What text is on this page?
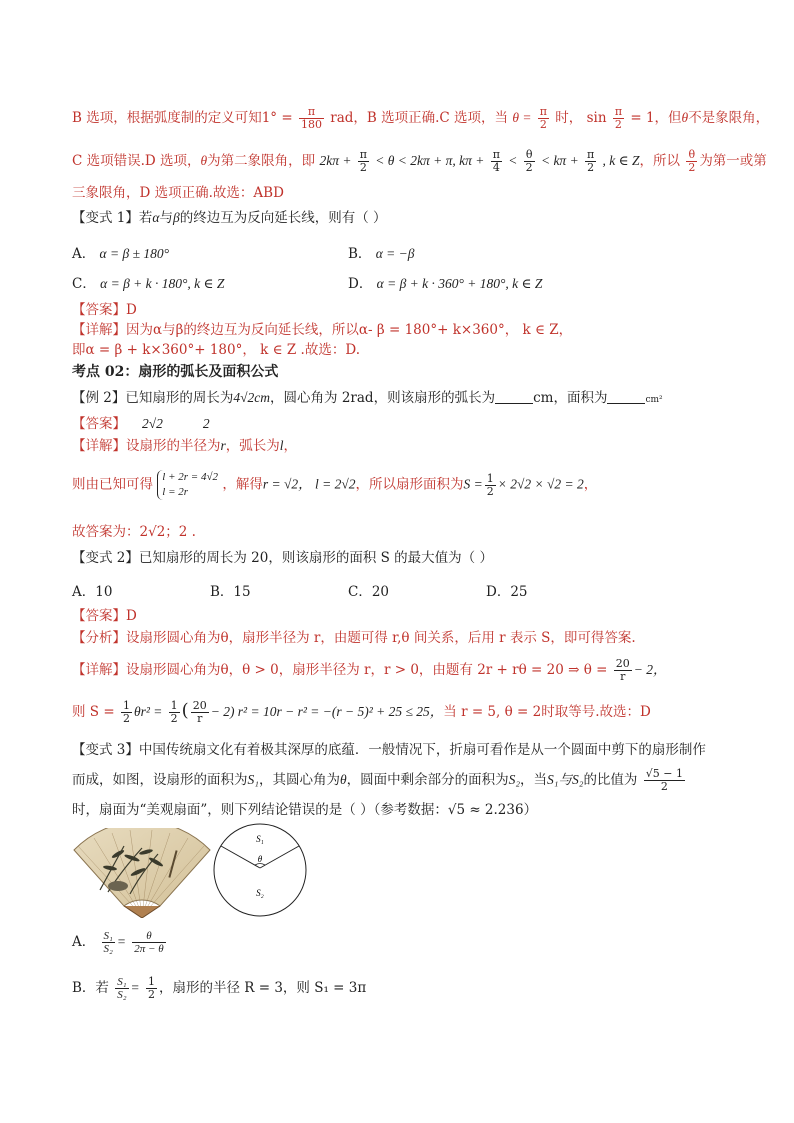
B 选项，根据弧度制的定义可知$1^\circ = \frac{\pi}{180}$ rad，B 选项正确.C 选项，当 $\theta = \frac{\pi}{2}$ 时， $\sin \frac{\pi}{2} = 1$，但θ不是象限角，
C 选项错误.D 选项，θ为第二象限角，即 $2k\pi + \frac{\pi}{2} < \theta < 2k\pi + \pi$, $k\pi + \frac{\pi}{4} < \frac{\theta}{2} < k\pi + \frac{\pi}{2}$ , k ∈ Z，所以 $\frac{\theta}{2}$ 为第一或第
三象限角，D 选项正确.故选：ABD
【变式 1】若α与β的终边互为反向延长线，则有（ ）
A． α = β ± 180°	B． α = −β
C． α = β + k · 180°, k ∈ Z	D． α = β + k · 360° + 180°, k ∈ Z
【答案】D
【详解】因为α与β的终边互为反向延长线，所以α- β = 180°+ k×360°， k ∈ Z，
即α = β + k×360°+ 180°， k ∈ Z .故选：D.
考点 02：扇形的弧长及面积公式
【例 2】已知扇形的周长为4√2cm，圆心角为 2rad，则该扇形的弧长为	cm，面积为	cm²
【答案】 2√2	2
【详解】设扇形的半径为r，弧长为l，
则由已知可得 l + 2r = 4√2
l = 2r	，解得r = √2， l = 2√2，所以扇形面积为$S = \frac{1}{2} \times 2√2 \times √2 = 2$，
故答案为：2√2；2 .
【变式 2】已知扇形的周长为 20，则该扇形的面积 S 的最大值为（ ）
A．10	B．15	C．20	D．25
【答案】D
【分析】设扇形圆心角为θ，扇形半径为 r，由题可得 r,θ 间关系，后用 r 表示 S，即可得答案.
【详解】设扇形圆心角为θ，θ > 0，扇形半径为 r，r > 0，由题有 2r + rθ = 20 ⇒ $\theta = \frac{20}{r} - 2$，
则 $S = \frac{1}{2} \theta r^2 = \frac{1}{2}$ ( $\frac{20}{r} - 2$) r² = 10r − r² = −(r − 5)² + 25 ≤ 25，当 r = 5, θ = 2时取等号.故选：D
【变式 3】中国传统扇文化有着极其深厚的底蕴．一般情况下，折扇可看作是从一个圆面中剪下的扇形制作
而成，如图，设扇形的面积为S₁，其圆心角为θ，圆面中剩余部分的面积为S₂，当S₁与S₂的比值为 $\frac{√5 - 1}{2}$
时，扇面为“美观扇面”，则下列结论错误的是（ ）（参考数据：√5 ≈ 2.236）
S₁
θ
S₂
A． $\frac{\text{S₁}}{\text{S₂}} = \frac{\theta}{2\pi - \theta}$
B．若 $\frac{\text{S₁}}{\text{S₂}} = \frac{1}{2}$ ，扇形的半径 R = 3，则 S₁ = 3π
